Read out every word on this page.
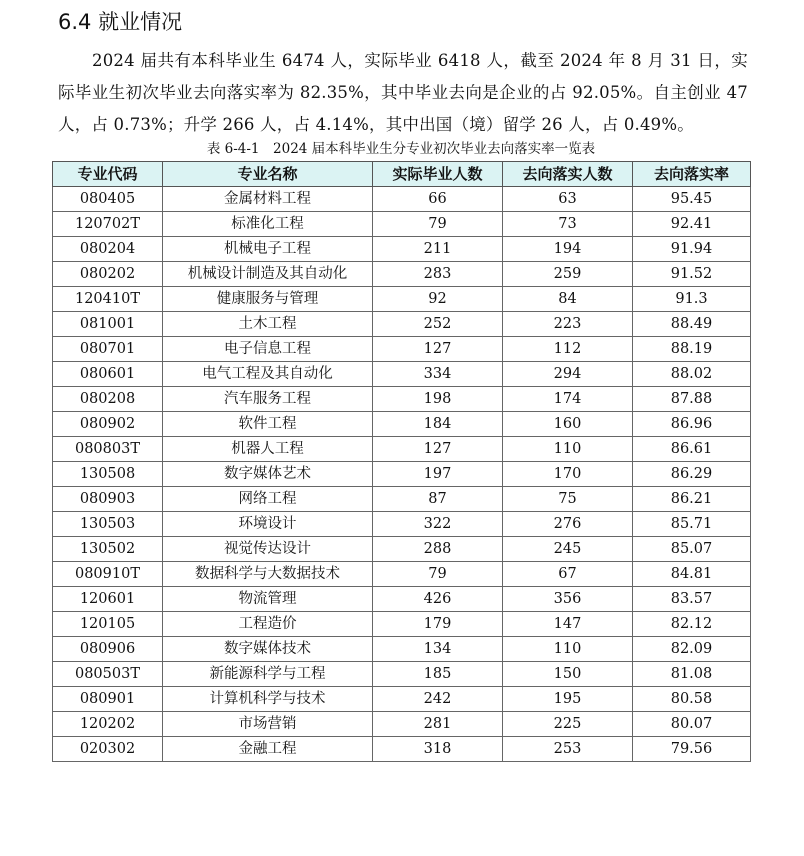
6.4 就业情况
2024 届共有本科毕业生 6474 人，实际毕业 6418 人，截至 2024 年 8 月 31 日，实际毕业生初次毕业去向落实率为 82.35%，其中毕业去向是企业的占 92.05%。自主创业 47 人，占 0.73%；升学 266 人，占 4.14%，其中出国（境）留学 26 人，占 0.49%。
表 6-4-1　2024 届本科毕业生分专业初次毕业去向落实率一览表
专业代码	专业名称	实际毕业人数	去向落实人数	去向落实率
080405	金属材料工程	66	63	95.45
120702T	标准化工程	79	73	92.41
080204	机械电子工程	211	194	91.94
080202	机械设计制造及其自动化	283	259	91.52
120410T	健康服务与管理	92	84	91.3
081001	土木工程	252	223	88.49
080701	电子信息工程	127	112	88.19
080601	电气工程及其自动化	334	294	88.02
080208	汽车服务工程	198	174	87.88
080902	软件工程	184	160	86.96
080803T	机器人工程	127	110	86.61
130508	数字媒体艺术	197	170	86.29
080903	网络工程	87	75	86.21
130503	环境设计	322	276	85.71
130502	视觉传达设计	288	245	85.07
080910T	数据科学与大数据技术	79	67	84.81
120601	物流管理	426	356	83.57
120105	工程造价	179	147	82.12
080906	数字媒体技术	134	110	82.09
080503T	新能源科学与工程	185	150	81.08
080901	计算机科学与技术	242	195	80.58
120202	市场营销	281	225	80.07
020302	金融工程	318	253	79.56
